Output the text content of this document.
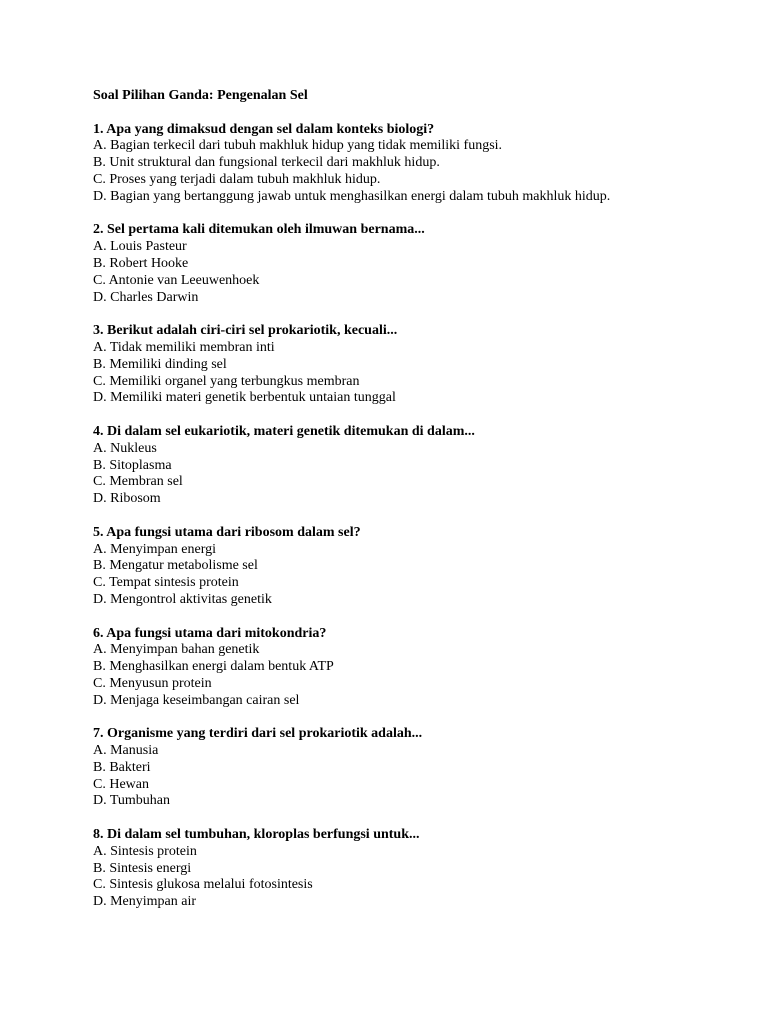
Soal Pilihan Ganda: Pengenalan Sel
1. Apa yang dimaksud dengan sel dalam konteks biologi?
A. Bagian terkecil dari tubuh makhluk hidup yang tidak memiliki fungsi.
B. Unit struktural dan fungsional terkecil dari makhluk hidup.
C. Proses yang terjadi dalam tubuh makhluk hidup.
D. Bagian yang bertanggung jawab untuk menghasilkan energi dalam tubuh makhluk hidup.
2. Sel pertama kali ditemukan oleh ilmuwan bernama...
A. Louis Pasteur
B. Robert Hooke
C. Antonie van Leeuwenhoek
D. Charles Darwin
3. Berikut adalah ciri-ciri sel prokariotik, kecuali...
A. Tidak memiliki membran inti
B. Memiliki dinding sel
C. Memiliki organel yang terbungkus membran
D. Memiliki materi genetik berbentuk untaian tunggal
4. Di dalam sel eukariotik, materi genetik ditemukan di dalam...
A. Nukleus
B. Sitoplasma
C. Membran sel
D. Ribosom
5. Apa fungsi utama dari ribosom dalam sel?
A. Menyimpan energi
B. Mengatur metabolisme sel
C. Tempat sintesis protein
D. Mengontrol aktivitas genetik
6. Apa fungsi utama dari mitokondria?
A. Menyimpan bahan genetik
B. Menghasilkan energi dalam bentuk ATP
C. Menyusun protein
D. Menjaga keseimbangan cairan sel
7. Organisme yang terdiri dari sel prokariotik adalah...
A. Manusia
B. Bakteri
C. Hewan
D. Tumbuhan
8. Di dalam sel tumbuhan, kloroplas berfungsi untuk...
A. Sintesis protein
B. Sintesis energi
C. Sintesis glukosa melalui fotosintesis
D. Menyimpan air
